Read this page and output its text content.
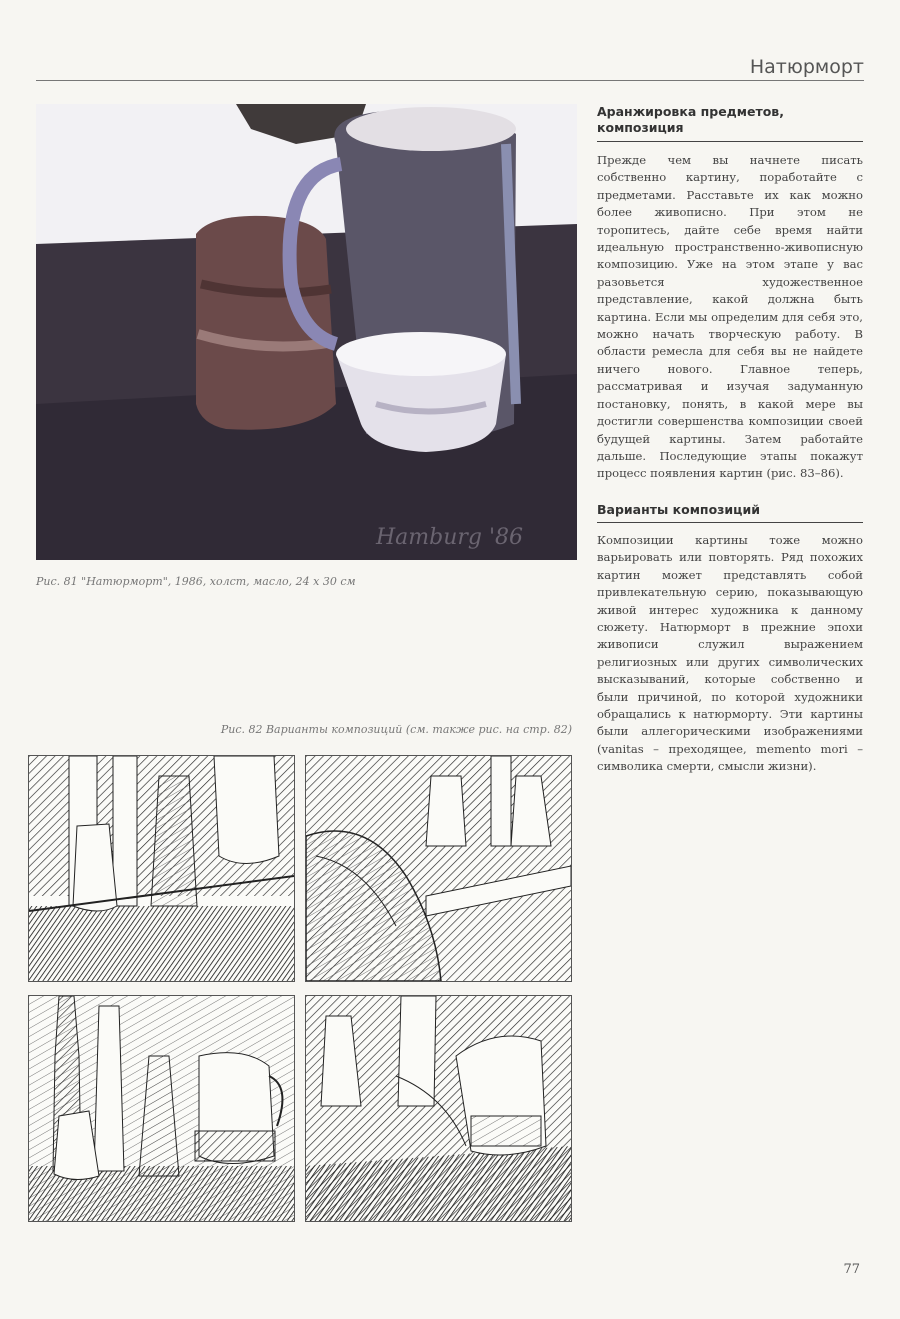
Натюрморт
Hamburg '86
Рис. 81 "Натюрморт", 1986, холст, масло, 24 х 30 см
Рис. 82 Варианты композиций (см. также рис. на стр. 82)
Аранжировка предметов, композиция
Прежде чем вы начнете писать собственно картину, поработайте с предметами. Расставьте их как можно более живописно. При этом не торопитесь, дайте себе время найти идеальную пространственно-живописную композицию. Уже на этом этапе у вас разовьется художественное представление, какой должна быть картина. Если мы определим для себя это, можно начать творческую работу. В области ремесла для себя вы не найдете ничего нового. Главное теперь, рассматривая и изучая задуманную постановку, понять, в какой мере вы достигли совершенства композиции своей будущей картины. Затем работайте дальше. Последующие этапы покажут процесс появления картин (рис. 83–86).
Варианты композиций
Композиции картины тоже можно варьировать или повторять. Ряд похожих картин может представлять собой привлекательную серию, показывающую живой интерес художника к данному сюжету. Натюрморт в прежние эпохи живописи служил выражением религиозных или других символических высказываний, которые собственно и были причиной, по которой художники обращались к натюрморту. Эти картины были аллегорическими изображениями (vanitas – преходящее, memento mori – символика смерти, смысли жизни).
77
